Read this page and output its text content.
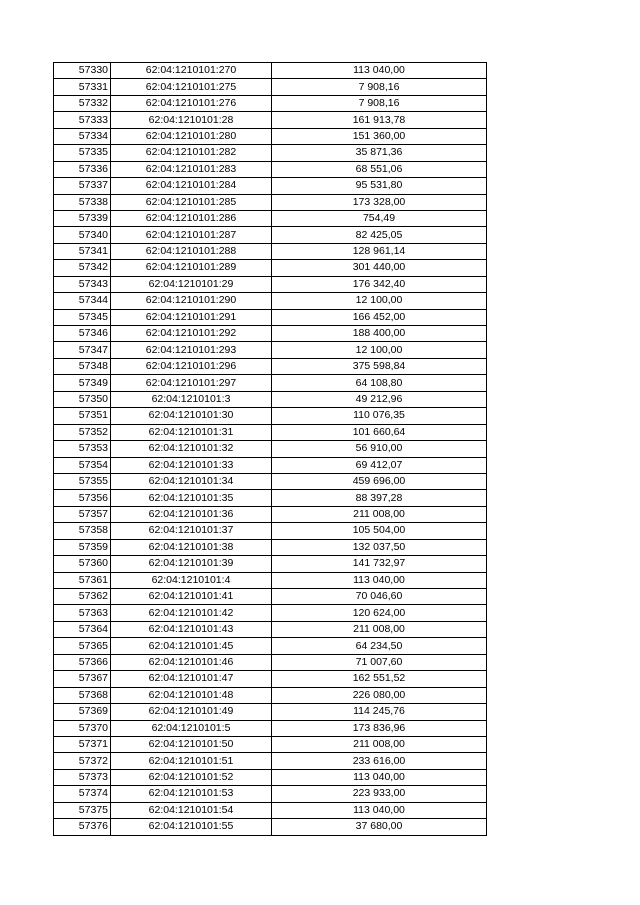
57330	62:04:1210101:270	113 040,00
57331	62:04:1210101:275	7 908,16
57332	62:04:1210101:276	7 908,16
57333	62:04:1210101:28	161 913,78
57334	62:04:1210101:280	151 360,00
57335	62:04:1210101:282	35 871,36
57336	62:04:1210101:283	68 551,06
57337	62:04:1210101:284	95 531,80
57338	62:04:1210101:285	173 328,00
57339	62:04:1210101:286	754,49
57340	62:04:1210101:287	82 425,05
57341	62:04:1210101:288	128 961,14
57342	62:04:1210101:289	301 440,00
57343	62:04:1210101:29	176 342,40
57344	62:04:1210101:290	12 100,00
57345	62:04:1210101:291	166 452,00
57346	62:04:1210101:292	188 400,00
57347	62:04:1210101:293	12 100,00
57348	62:04:1210101:296	375 598,84
57349	62:04:1210101:297	64 108,80
57350	62:04:1210101:3	49 212,96
57351	62:04:1210101:30	110 076,35
57352	62:04:1210101:31	101 660,64
57353	62:04:1210101:32	56 910,00
57354	62:04:1210101:33	69 412,07
57355	62:04:1210101:34	459 696,00
57356	62:04:1210101:35	88 397,28
57357	62:04:1210101:36	211 008,00
57358	62:04:1210101:37	105 504,00
57359	62:04:1210101:38	132 037,50
57360	62:04:1210101:39	141 732,97
57361	62:04:1210101:4	113 040,00
57362	62:04:1210101:41	70 046,60
57363	62:04:1210101:42	120 624,00
57364	62:04:1210101:43	211 008,00
57365	62:04:1210101:45	64 234,50
57366	62:04:1210101:46	71 007,60
57367	62:04:1210101:47	162 551,52
57368	62:04:1210101:48	226 080,00
57369	62:04:1210101:49	114 245,76
57370	62:04:1210101:5	173 836,96
57371	62:04:1210101:50	211 008,00
57372	62:04:1210101:51	233 616,00
57373	62:04:1210101:52	113 040,00
57374	62:04:1210101:53	223 933,00
57375	62:04:1210101:54	113 040,00
57376	62:04:1210101:55	37 680,00
